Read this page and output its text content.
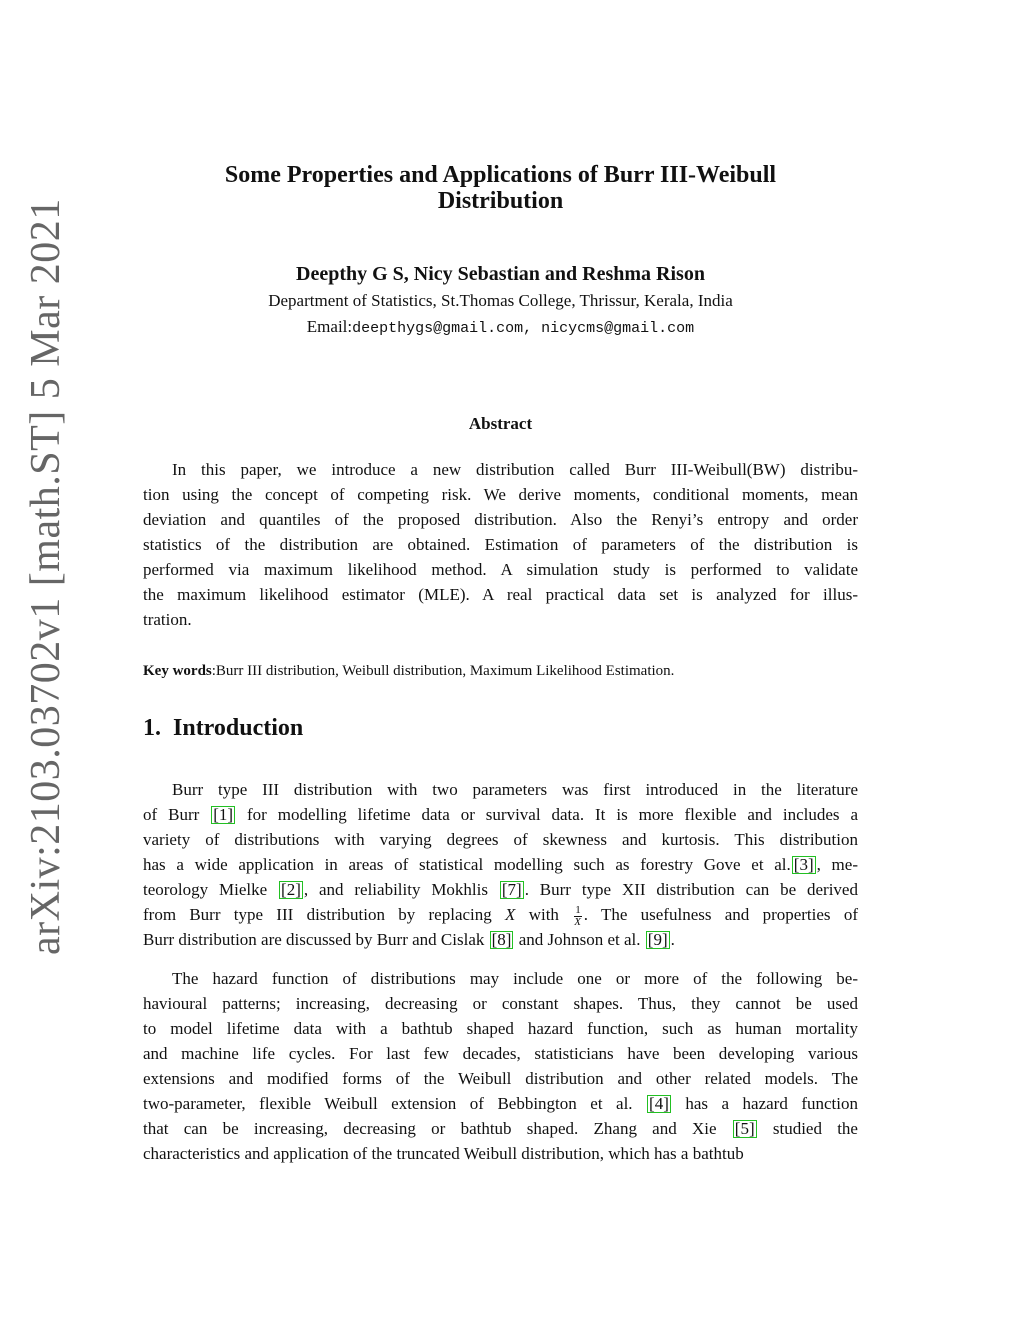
arXiv:2103.03702v1 [math.ST] 5 Mar 2021
Some Properties and Applications of Burr III-Weibull
Distribution
Deepthy G S, Nicy Sebastian and Reshma Rison
Department of Statistics, St.Thomas College, Thrissur, Kerala, India
Email:deepthygs@gmail.com, nicycms@gmail.com
Abstract
In this paper, we introduce a new distribution called Burr III-Weibull(BW) distribu-
tion using the concept of competing risk. We derive moments, conditional moments, mean
deviation and quantiles of the proposed distribution. Also the Renyi’s entropy and order
statistics of the distribution are obtained. Estimation of parameters of the distribution is
performed via maximum likelihood method. A simulation study is performed to validate
the maximum likelihood estimator (MLE). A real practical data set is analyzed for illus-
tration.
Key words:Burr III distribution, Weibull distribution, Maximum Likelihood Estimation.
1. Introduction
Burr type III distribution with two parameters was first introduced in the literature
of Burr [1] for modelling lifetime data or survival data. It is more flexible and includes a
variety of distributions with varying degrees of skewness and kurtosis. This distribution
has a wide application in areas of statistical modelling such as forestry Gove et al. [3] , me-
teorology Mielke [2] , and reliability Mokhlis [7] . Burr type XII distribution can be derived
from Burr type III distribution by replacing X with $\frac{1}{X}$ . The usefulness and properties of
Burr distribution are discussed by Burr and Cislak [8] and Johnson et al. [9] .
The hazard function of distributions may include one or more of the following be-
havioural patterns; increasing, decreasing or constant shapes. Thus, they cannot be used
to model lifetime data with a bathtub shaped hazard function, such as human mortality
and machine life cycles. For last few decades, statisticians have been developing various
extensions and modified forms of the Weibull distribution and other related models. The
two-parameter, flexible Weibull extension of Bebbington et al. [4] has a hazard function
that can be increasing, decreasing or bathtub shaped. Zhang and Xie [5] studied the
characteristics and application of the truncated Weibull distribution, which has a bathtub
